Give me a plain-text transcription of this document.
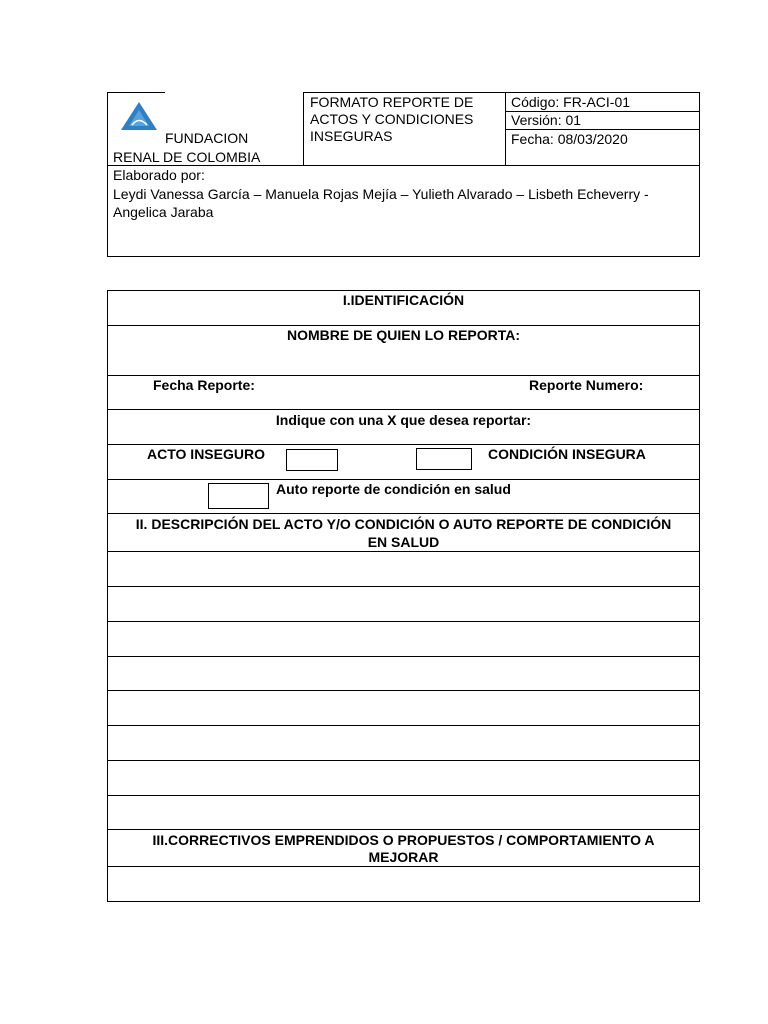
FUNDACION
RENAL DE COLOMBIA
FORMATO REPORTE DE
ACTOS Y CONDICIONES
INSEGURAS
Código: FR-ACI-01
Versión: 01
Fecha: 08/03/2020
Elaborado por:
Leydi Vanessa García – Manuela Rojas Mejía – Yulieth Alvarado – Lisbeth Echeverry -
Angelica Jaraba
I.IDENTIFICACIÓN
NOMBRE DE QUIEN LO REPORTA:
Fecha Reporte:	Reporte Numero:
Indique con una X que desea reportar:
ACTO INSEGURO	CONDICIÓN INSEGURA
Auto reporte de condición en salud
II. DESCRIPCIÓN DEL ACTO Y/O CONDICIÓN O AUTO REPORTE DE CONDICIÓN
EN SALUD
III.CORRECTIVOS EMPRENDIDOS O PROPUESTOS / COMPORTAMIENTO A
MEJORAR
